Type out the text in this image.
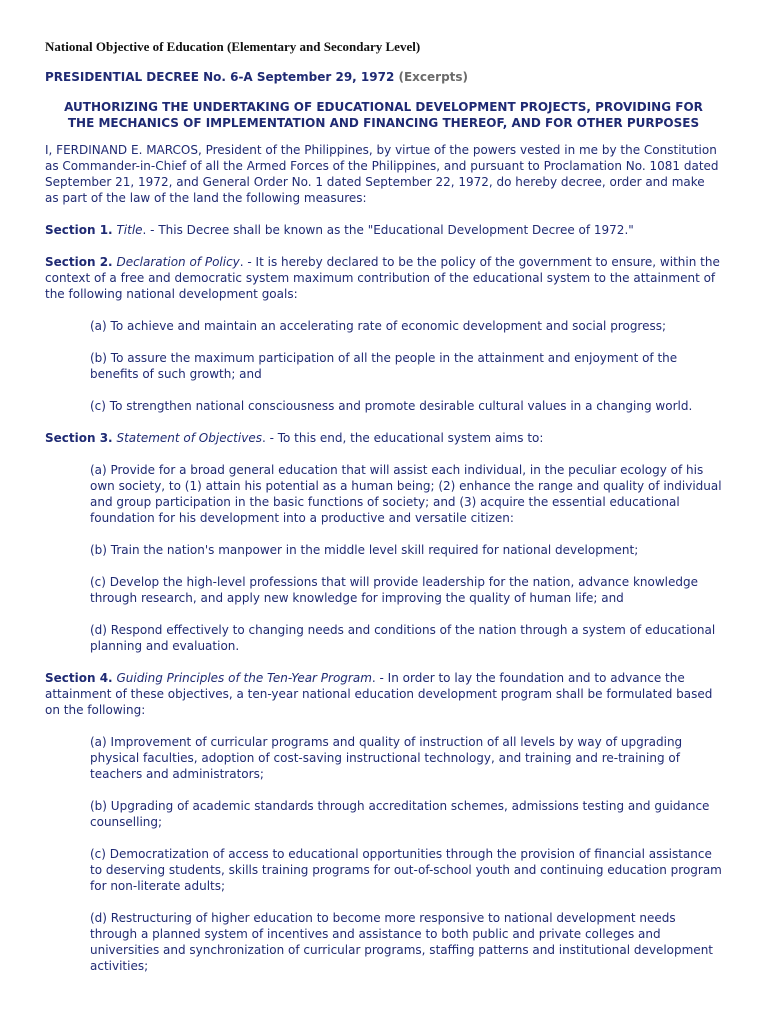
National Objective of Education (Elementary and Secondary Level)
PRESIDENTIAL DECREE No. 6-A September 29, 1972 (Excerpts)
AUTHORIZING THE UNDERTAKING OF EDUCATIONAL DEVELOPMENT PROJECTS, PROVIDING FOR THE MECHANICS OF IMPLEMENTATION AND FINANCING THEREOF, AND FOR OTHER PURPOSES

I, FERDINAND E. MARCOS, President of the Philippines, by virtue of the powers vested in me by the Constitution as Commander-in-Chief of all the Armed Forces of the Philippines, and pursuant to Proclamation No. 1081 dated September 21, 1972, and General Order No. 1 dated September 22, 1972, do hereby decree, order and make as part of the law of the land the following measures:

Section 1. Title. - This Decree shall be known as the "Educational Development Decree of 1972."

Section 2. Declaration of Policy. - It is hereby declared to be the policy of the government to ensure, within the context of a free and democratic system maximum contribution of the educational system to the attainment of the following national development goals:

(a) To achieve and maintain an accelerating rate of economic development and social progress;

(b) To assure the maximum participation of all the people in the attainment and enjoyment of the benefits of such growth; and

(c) To strengthen national consciousness and promote desirable cultural values in a changing world.

Section 3. Statement of Objectives. - To this end, the educational system aims to:

(a) Provide for a broad general education that will assist each individual, in the peculiar ecology of his own society, to (1) attain his potential as a human being; (2) enhance the range and quality of individual and group participation in the basic functions of society; and (3) acquire the essential educational foundation for his development into a productive and versatile citizen:

(b) Train the nation's manpower in the middle level skill required for national development;

(c) Develop the high-level professions that will provide leadership for the nation, advance knowledge through research, and apply new knowledge for improving the quality of human life; and

(d) Respond effectively to changing needs and conditions of the nation through a system of educational planning and evaluation.

Section 4. Guiding Principles of the Ten-Year Program. - In order to lay the foundation and to advance the attainment of these objectives, a ten-year national education development program shall be formulated based on the following:

(a) Improvement of curricular programs and quality of instruction of all levels by way of upgrading physical faculties, adoption of cost-saving instructional technology, and training and re-training of teachers and administrators;

(b) Upgrading of academic standards through accreditation schemes, admissions testing and guidance counselling;

(c) Democratization of access to educational opportunities through the provision of financial assistance to deserving students, skills training programs for out-of-school youth and continuing education program for non-literate adults;

(d) Restructuring of higher education to become more responsive to national development needs through a planned system of incentives and assistance to both public and private colleges and universities and synchronization of curricular programs, staffing patterns and institutional development activities;
